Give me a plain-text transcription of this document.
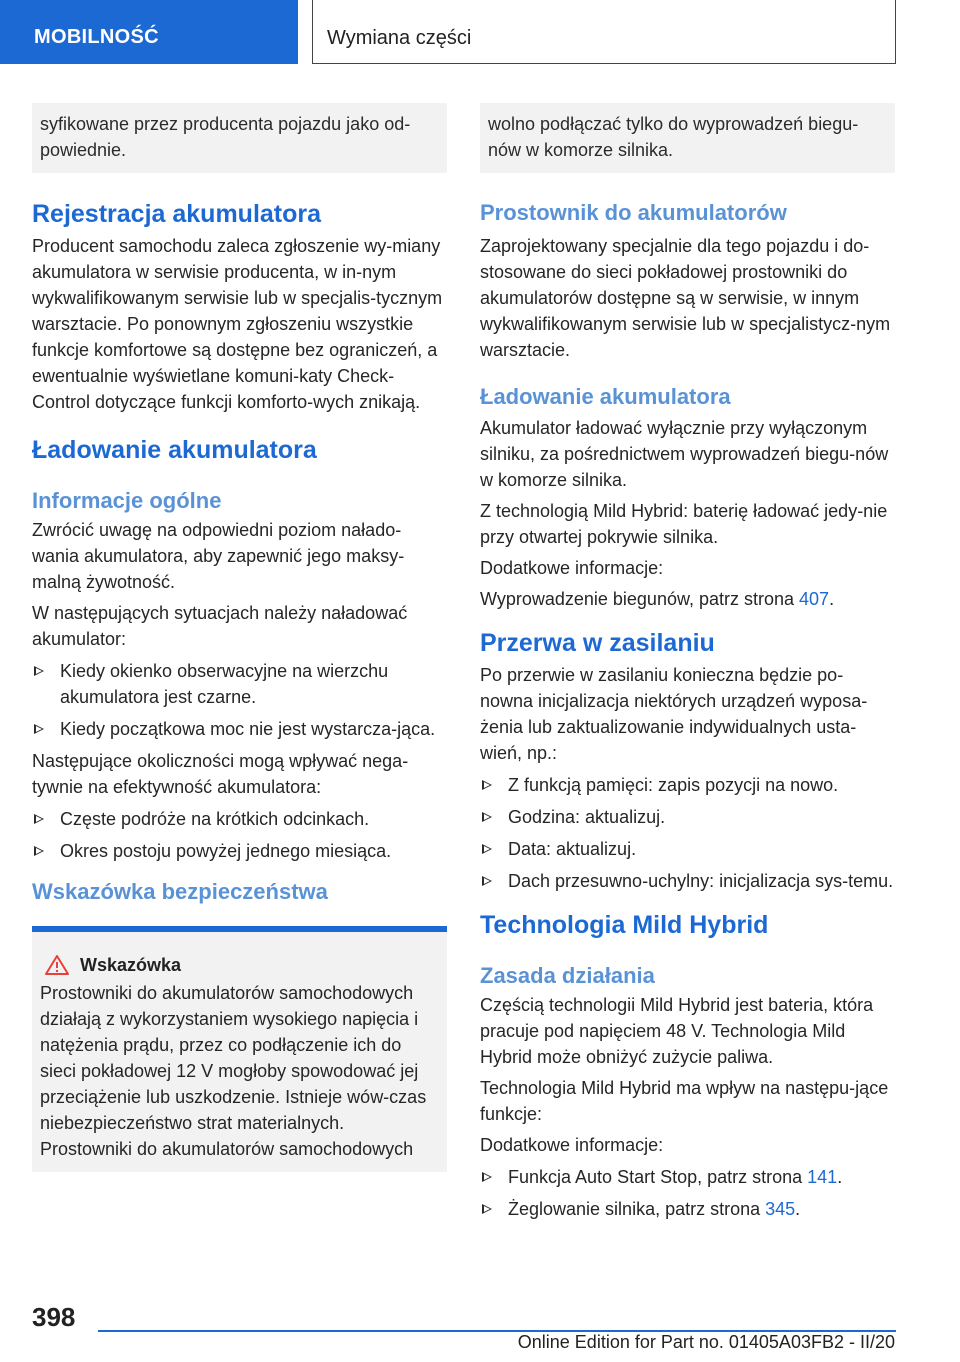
MOBILNOŚĆ	Wymiana części
syfikowane przez producenta pojazdu jako od-powiednie.
Rejestracja akumulatora
Producent samochodu zaleca zgłoszenie wy-miany akumulatora w serwisie producenta, w in-nym wykwalifikowanym serwisie lub w specjalis-tycznym warsztacie. Po ponownym zgłoszeniu wszystkie funkcje komfortowe są dostępne bez ograniczeń, a ewentualnie wyświetlane komuni-katy Check-Control dotyczące funkcji komforto-wych znikają.
Ładowanie akumulatora
Informacje ogólne
Zwrócić uwagę na odpowiedni poziom nałado-wania akumulatora, aby zapewnić jego maksy-malną żywotność.
W następujących sytuacjach należy naładować akumulator:
Kiedy okienko obserwacyjne na wierzchu akumulatora jest czarne.
Kiedy początkowa moc nie jest wystarcza-jąca.
Następujące okoliczności mogą wpływać nega-tywnie na efektywność akumulatora:
Częste podróże na krótkich odcinkach.
Okres postoju powyżej jednego miesiąca.
Wskazówka bezpieczeństwa
Wskazówka
Prostowniki do akumulatorów samochodowych działają z wykorzystaniem wysokiego napięcia i natężenia prądu, przez co podłączenie ich do sieci pokładowej 12 V mogłoby spowodować jej przeciążenie lub uszkodzenie. Istnieje wów-czas niebezpieczeństwo strat materialnych. Prostowniki do akumulatorów samochodowych
wolno podłączać tylko do wyprowadzeń biegu-nów w komorze silnika.
Prostownik do akumulatorów
Zaprojektowany specjalnie dla tego pojazdu i do-stosowane do sieci pokładowej prostowniki do akumulatorów dostępne są w serwisie, w innym wykwalifikowanym serwisie lub w specjalistycz-nym warsztacie.
Ładowanie akumulatora
Akumulator ładować wyłącznie przy wyłączonym silniku, za pośrednictwem wyprowadzeń biegu-nów w komorze silnika.
Z technologią Mild Hybrid: baterię ładować jedy-nie przy otwartej pokrywie silnika.
Dodatkowe informacje:
Wyprowadzenie biegunów, patrz strona 407.
Przerwa w zasilaniu
Po przerwie w zasilaniu konieczna będzie po-nowna inicjalizacja niektórych urządzeń wyposa-żenia lub zaktualizowanie indywidualnych usta-wień, np.:
Z funkcją pamięci: zapis pozycji na nowo.
Godzina: aktualizuj.
Data: aktualizuj.
Dach przesuwno-uchylny: inicjalizacja sys-temu.
Technologia Mild Hybrid
Zasada działania
Częścią technologii Mild Hybrid jest bateria, która pracuje pod napięciem 48 V. Technologia Mild Hybrid może obniżyć zużycie paliwa.
Technologia Mild Hybrid ma wpływ na następu-jące funkcje:
Dodatkowe informacje:
Funkcja Auto Start Stop, patrz strona 141.
Żeglowanie silnika, patrz strona 345.
398
Online Edition for Part no. 01405A03FB2 - II/20
